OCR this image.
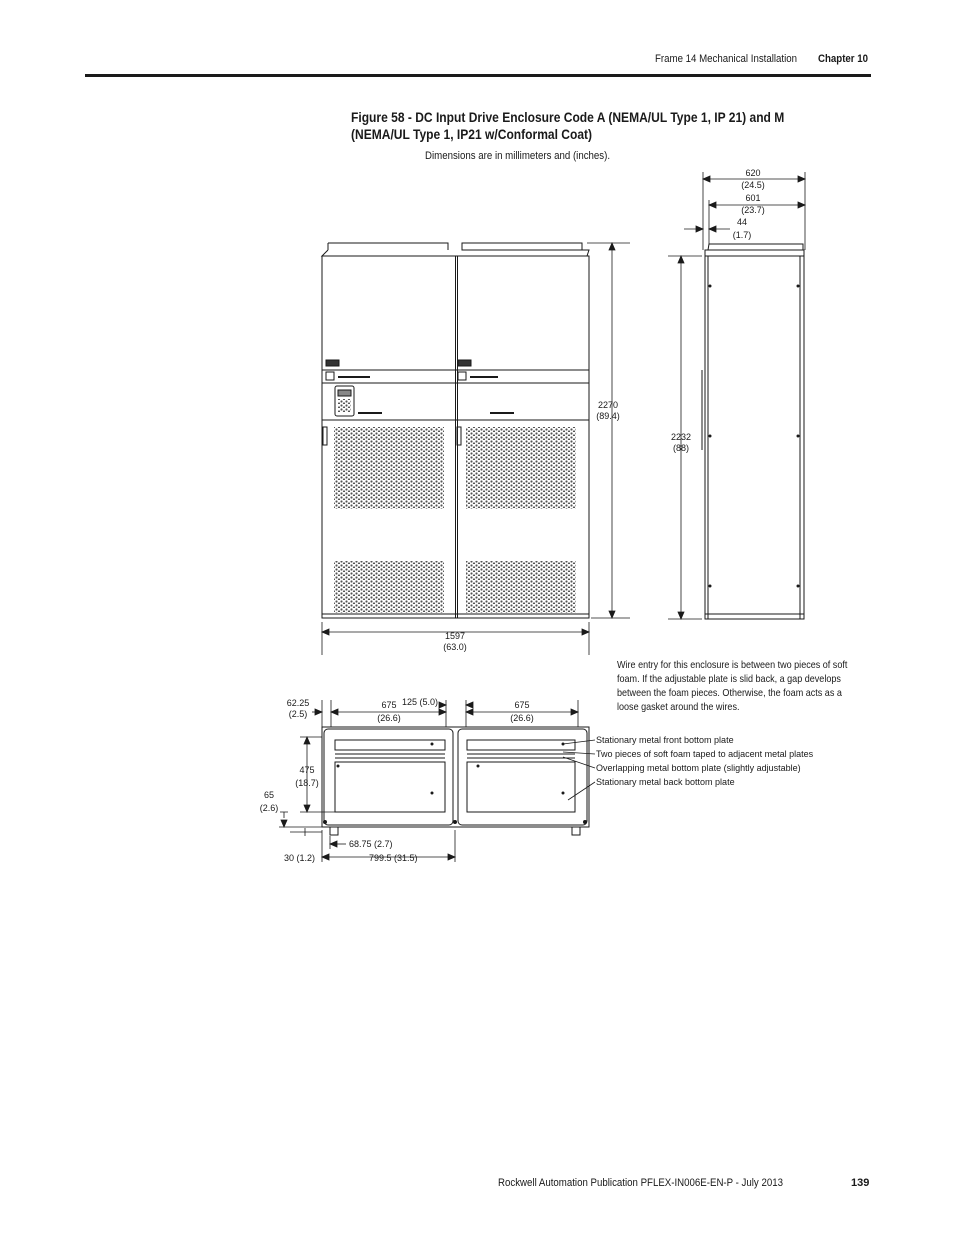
Frame 14 Mechanical Installation Chapter 10
Figure 58 - DC Input Drive Enclosure Code A (NEMA/UL Type 1, IP 21) and M (NEMA/UL Type 1, IP21 w/Conformal Coat)
Dimensions are in millimeters and (inches).
2270
(89.4)
1597
(63.0)
620
(24.5)
601
(23.7)
44
(1.7)
2232
(88)
62.25
(2.5)
675
(26.6)
125 (5.0)	675
(26.6)
475
(18.7)
65
(2.6)
68.75 (2.7)
799.5 (31.5)
30 (1.2)
Stationary metal front bottom plate
Two pieces of soft foam taped to adjacent metal plates
Overlapping metal bottom plate (slightly adjustable)
Stationary metal back bottom plate
Wire entry for this enclosure is between two pieces of soft foam. If the adjustable plate is slid back, a gap develops between the foam pieces. Otherwise, the foam acts as a loose gasket around the wires.
Rockwell Automation Publication PFLEX-IN006E-EN-P - July 2013	139
